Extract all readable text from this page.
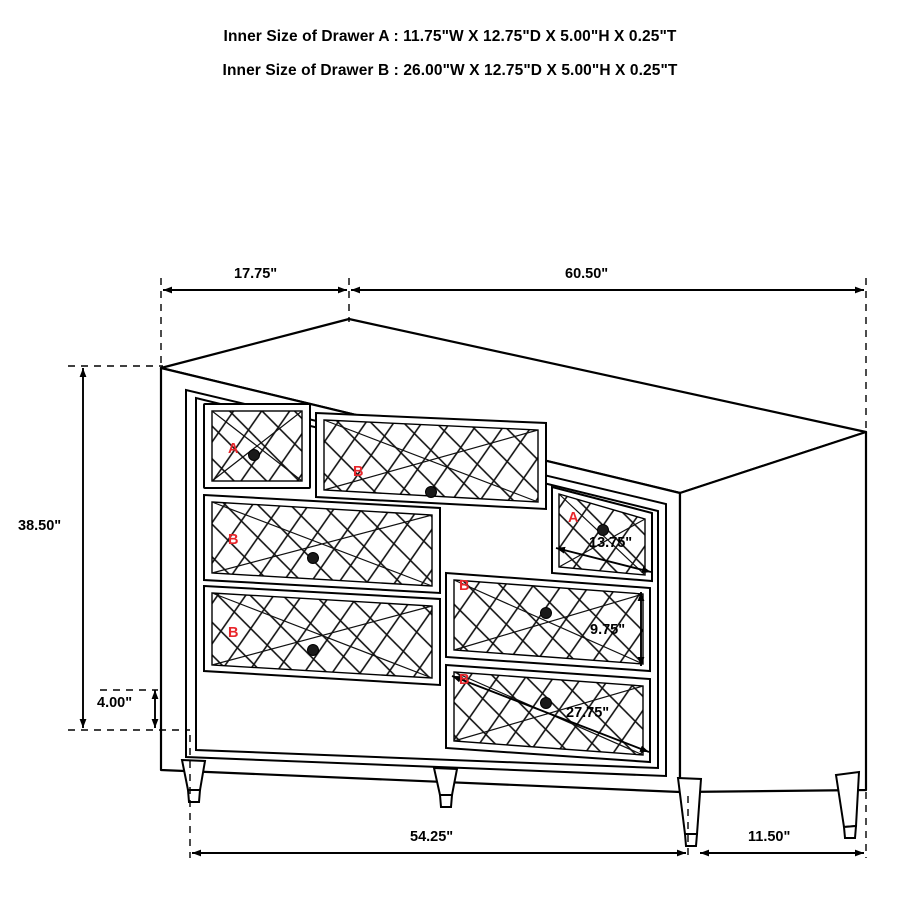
Inner Size of Drawer A : 11.75"W X 12.75"D X 5.00"H X 0.25"T
Inner Size of Drawer B : 26.00"W X 12.75"D X 5.00"H X 0.25"T
17.75"	60.50"
38.50"
4.00"
54.25"	11.50"
13.75"
9.75"
27.75"
A
B
A
B
B
B
B
